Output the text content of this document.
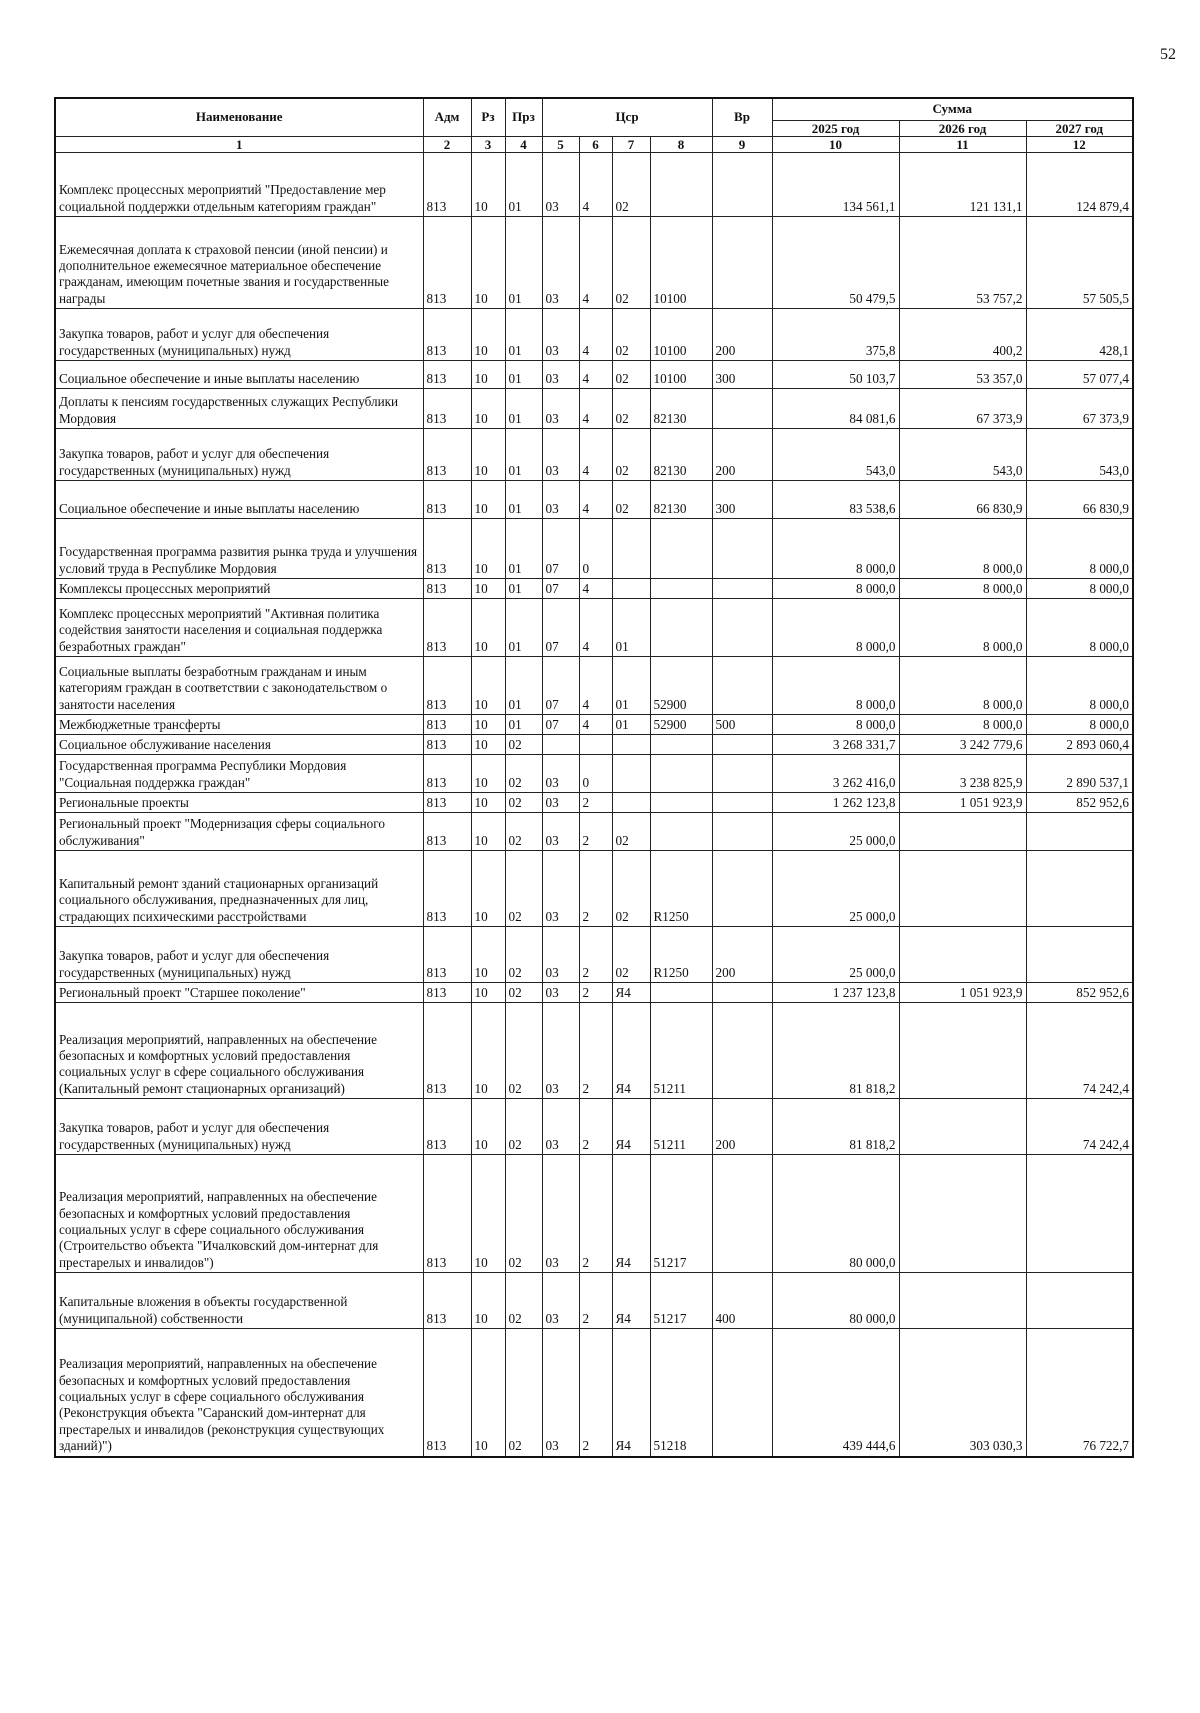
52
Наименование	Адм	Рз	Прз	Цср				Вр	Сумма		
									2025 год	2026 год	2027 год
1	2	3	4	5	6	7	8	9	10	11	12
Комплекс процессных мероприятий "Предоставление мер социальной поддержки отдельным категориям граждан"	813	10	01	03	4	02			134 561,1	121 131,1	124 879,4
Ежемесячная доплата к страховой пенсии (иной пенсии) и дополнительное ежемесячное материальное обеспечение гражданам, имеющим почетные звания и государственные награды	813	10	01	03	4	02	10100		50 479,5	53 757,2	57 505,5
Закупка товаров, работ и услуг для обеспечения государственных (муниципальных) нужд	813	10	01	03	4	02	10100	200	375,8	400,2	428,1
Социальное обеспечение и иные выплаты населению	813	10	01	03	4	02	10100	300	50 103,7	53 357,0	57 077,4
Доплаты к пенсиям государственных служащих Республики Мордовия	813	10	01	03	4	02	82130		84 081,6	67 373,9	67 373,9
Закупка товаров, работ и услуг для обеспечения государственных (муниципальных) нужд	813	10	01	03	4	02	82130	200	543,0	543,0	543,0
Социальное обеспечение и иные выплаты населению	813	10	01	03	4	02	82130	300	83 538,6	66 830,9	66 830,9
Государственная программа развития рынка труда и улучшения условий труда в Республике Мордовия	813	10	01	07	0				8 000,0	8 000,0	8 000,0
Комплексы процессных мероприятий	813	10	01	07	4				8 000,0	8 000,0	8 000,0
Комплекс процессных мероприятий "Активная политика содействия занятости населения и социальная поддержка безработных граждан"	813	10	01	07	4	01			8 000,0	8 000,0	8 000,0
Социальные выплаты безработным гражданам и иным категориям граждан в соответствии с законодательством о занятости населения	813	10	01	07	4	01	52900		8 000,0	8 000,0	8 000,0
Межбюджетные трансферты	813	10	01	07	4	01	52900	500	8 000,0	8 000,0	8 000,0
Социальное обслуживание населения	813	10	02						3 268 331,7	3 242 779,6	2 893 060,4
Государственная программа Республики Мордовия "Социальная поддержка граждан"	813	10	02	03	0				3 262 416,0	3 238 825,9	2 890 537,1
Региональные проекты	813	10	02	03	2				1 262 123,8	1 051 923,9	852 952,6
Региональный проект "Модернизация сферы социального обслуживания"	813	10	02	03	2	02			25 000,0		
Капитальный ремонт зданий стационарных организаций социального обслуживания, предназначенных для лиц, страдающих психическими расстройствами	813	10	02	03	2	02	R1250		25 000,0		
Закупка товаров, работ и услуг для обеспечения государственных (муниципальных) нужд	813	10	02	03	2	02	R1250	200	25 000,0		
Региональный проект "Старшее поколение"	813	10	02	03	2	Я4			1 237 123,8	1 051 923,9	852 952,6
Реализация мероприятий, направленных на обеспечение безопасных и комфортных условий предоставления социальных услуг в сфере социального обслуживания (Капитальный ремонт стационарных организаций)	813	10	02	03	2	Я4	51211		81 818,2		74 242,4
Закупка товаров, работ и услуг для обеспечения государственных (муниципальных) нужд	813	10	02	03	2	Я4	51211	200	81 818,2		74 242,4
Реализация мероприятий, направленных на обеспечение безопасных и комфортных условий предоставления социальных услуг в сфере социального обслуживания (Строительство объекта "Ичалковский дом-интернат для престарелых и инвалидов")	813	10	02	03	2	Я4	51217		80 000,0		
Капитальные вложения в объекты государственной (муниципальной) собственности	813	10	02	03	2	Я4	51217	400	80 000,0		
Реализация мероприятий, направленных на обеспечение безопасных и комфортных условий предоставления социальных услуг в сфере социального обслуживания (Реконструкция объекта "Саранский дом-интернат для престарелых и инвалидов (реконструкция существующих зданий)")	813	10	02	03	2	Я4	51218		439 444,6	303 030,3	76 722,7
